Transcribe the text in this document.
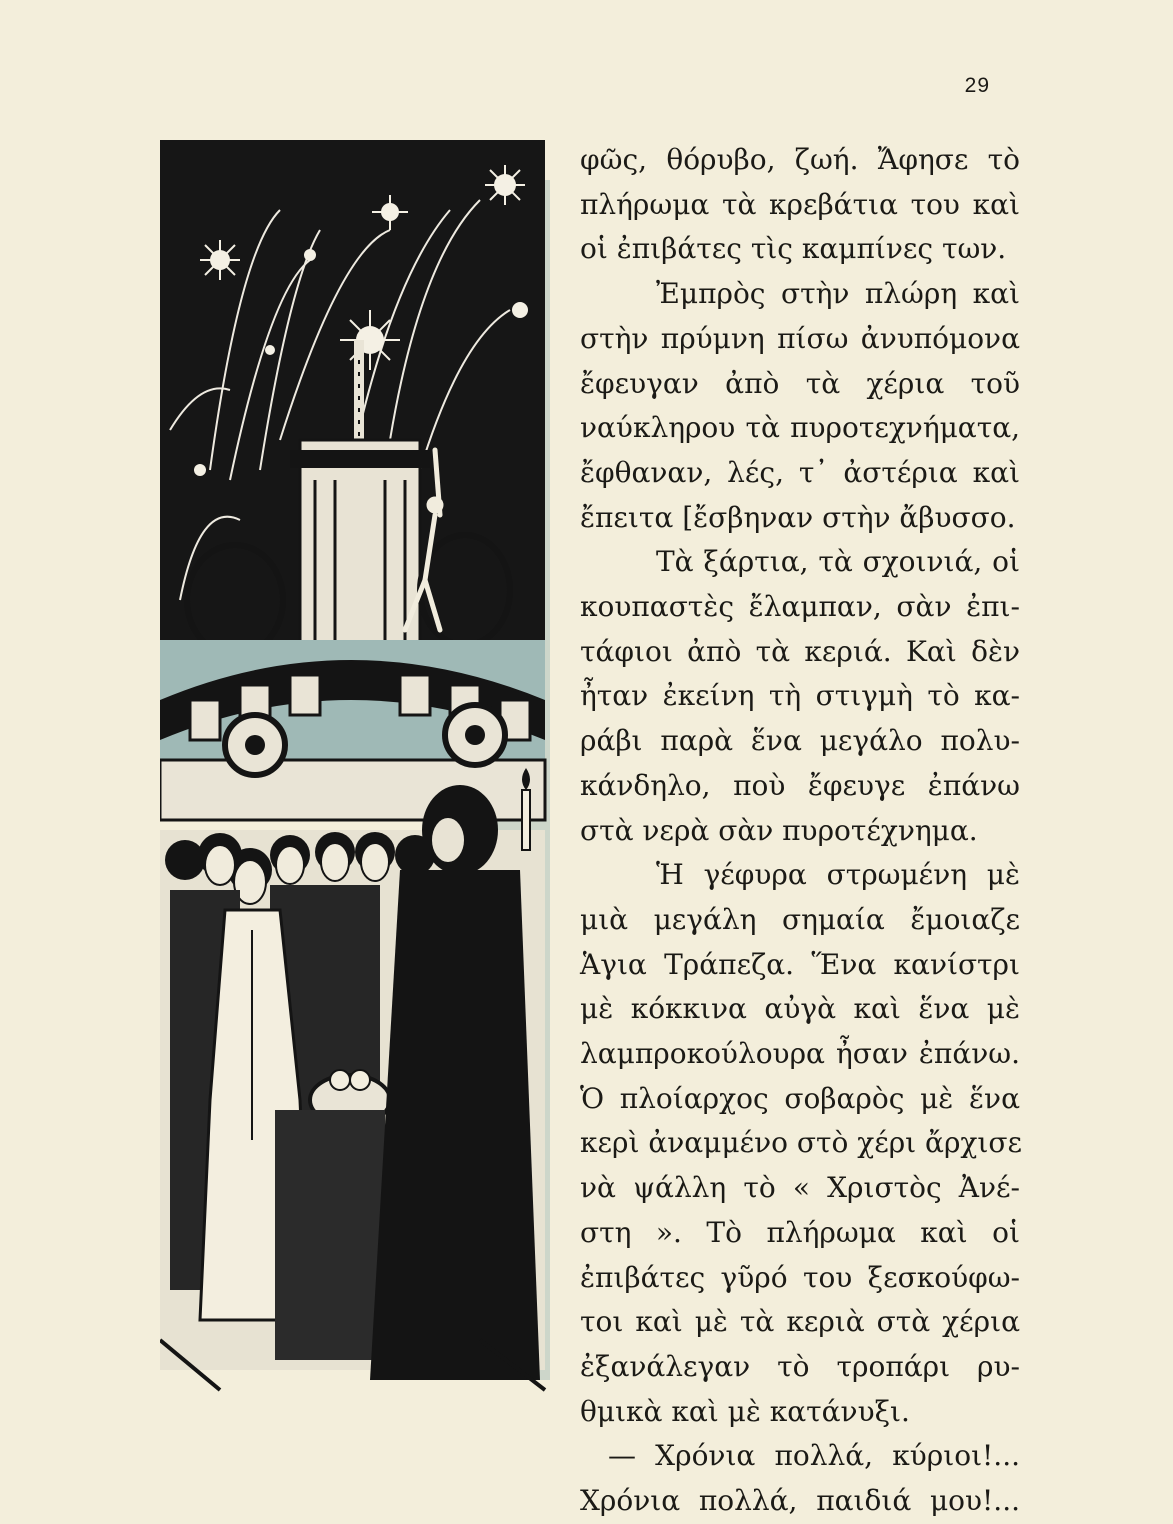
29
φῶς, θόρυβο, ζωή. Ἄφησε τὸ
πλήρωμα τὰ κρεβάτια του καὶ
οἱ ἐπιβάτες τὶς καμπίνες των.
Ἐμπρὸς στὴν πλώρη καὶ
στὴν πρύμνη πίσω ἀνυπόμονα
ἔφευγαν ἀπὸ τὰ χέρια τοῦ
ναύκληρου τὰ πυροτεχνήματα,
ἔφθαναν, λές, τ᾿ ἀστέρια καὶ
ἔπειτα [ἔσβηναν στὴν ἄβυσσο.
Τὰ ξάρτια, τὰ σχοινιά, οἱ
κουπαστὲς ἔλαμπαν, σὰν ἐπι-
τάφιοι ἀπὸ τὰ κεριά. Καὶ δὲν
ἦταν ἐκείνη τὴ στιγμὴ τὸ κα-
ράβι παρὰ ἕνα μεγάλο πολυ-
κάνδηλο, ποὺ ἔφευγε ἐπάνω
στὰ νερὰ σὰν πυροτέχνημα.
Ἡ γέφυρα στρωμένη μὲ
μιὰ μεγάλη σημαία ἔμοιαζε
Ἁγια Τράπεζα. Ἕνα κανίστρι
μὲ κόκκινα αὐγὰ καὶ ἕνα μὲ
λαμπροκούλουρα ἦσαν ἐπάνω.
Ὁ πλοίαρχος σοβαρὸς μὲ ἕνα
κερὶ ἀναμμένο στὸ χέρι ἄρχισε
νὰ ψάλλη τὸ « Χριστὸς Ἀνέ-
στη ». Τὸ πλήρωμα καὶ οἱ
ἐπιβάτες γῦρό του ξεσκούφω-
τοι καὶ μὲ τὰ κεριὰ στὰ χέρια
ἐξανάλεγαν τὸ τροπάρι ρυ-
θμικὰ καὶ μὲ κατάνυξι.
— Χρόνια πολλά, κύριοι!...
Χρόνια πολλά, παιδιά μου!...
